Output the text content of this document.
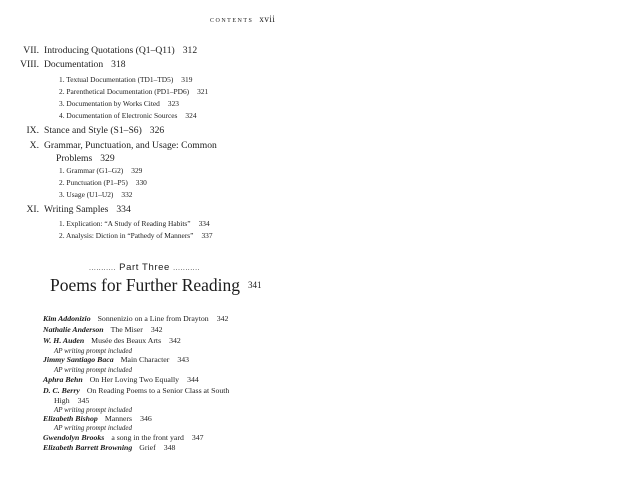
contents xvii
VII. Introducing Quotations (Q1–Q11) 312
VIII. Documentation 318
1. Textual Documentation (TD1–TD5) 319
2. Parenthetical Documentation (PD1–PD6) 321
3. Documentation by Works Cited 323
4. Documentation of Electronic Sources 324
IX. Stance and Style (S1–S6) 326
X. Grammar, Punctuation, and Usage: Common
Problems 329
1. Grammar (G1–G2) 329
2. Punctuation (P1–P5) 330
3. Usage (U1–U2) 332
XI. Writing Samples 334
1. Explication: “A Study of Reading Habits” 334
2. Analysis: Diction in “Pathedy of Manners” 337
........... Part Three ...........
Poems for Further Reading 341
Kim Addonizio Sonnenizio on a Line from Drayton 342
Nathalie Anderson The Miser 342
W. H. Auden Musée des Beaux Arts 342
AP writing prompt included
Jimmy Santiago Baca Main Character 343
AP writing prompt included
Aphra Behn On Her Loving Two Equally 344
D. C. Berry On Reading Poems to a Senior Class at South
High 345
AP writing prompt included
Elizabeth Bishop Manners 346
AP writing prompt included
Gwendolyn Brooks a song in the front yard 347
Elizabeth Barrett Browning Grief 348
